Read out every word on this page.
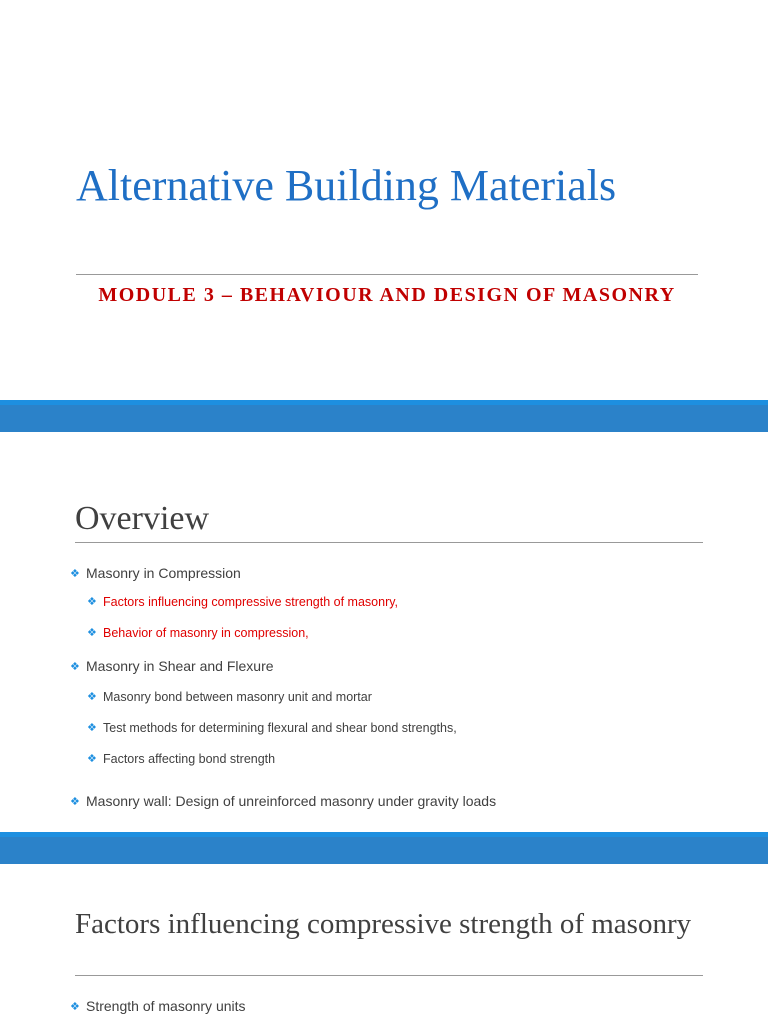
Alternative Building Materials

MODULE 3 – BEHAVIOUR AND DESIGN OF MASONRY

Overview
❖ Masonry in Compression
❖ Factors influencing compressive strength of masonry,
❖ Behavior of masonry in compression,
❖ Masonry in Shear and Flexure
❖ Masonry bond between masonry unit and mortar
❖ Test methods for determining flexural and shear bond strengths,
❖ Factors affecting bond strength
❖ Masonry wall: Design of unreinforced masonry under gravity loads
Factors influencing compressive strength of masonry
❖ Strength of masonry units
